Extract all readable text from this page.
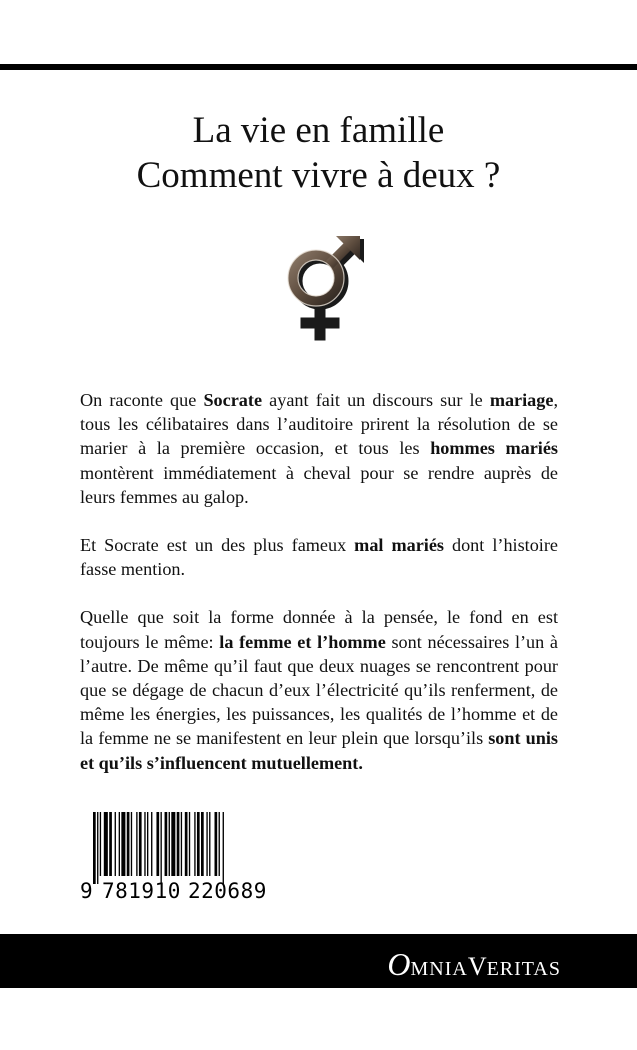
La vie en famille
Comment vivre à deux ?

On raconte que Socrate ayant fait un discours sur le mariage, tous les célibataires dans l’auditoire prirent la résolution de se marier à la première occasion, et tous les hommes mariés montèrent immédiatement à cheval pour se rendre auprès de leurs femmes au galop.

Et Socrate est un des plus fameux mal mariés dont l’histoire fasse mention.

Quelle que soit la forme donnée à la pensée, le fond en est toujours le même: la femme et l’homme sont nécessaires l’un à l’autre. De même qu’il faut que deux nuages se rencontrent pour que se dégage de chacun d’eux l’électricité qu’ils renferment, de même les énergies, les puissances, les qualités de l’homme et de la femme ne se manifestent en leur plein que lorsqu’ils sont unis et qu’ils s’influencent mutuellement.

9 781910 220689
OMNIAVERITAS
